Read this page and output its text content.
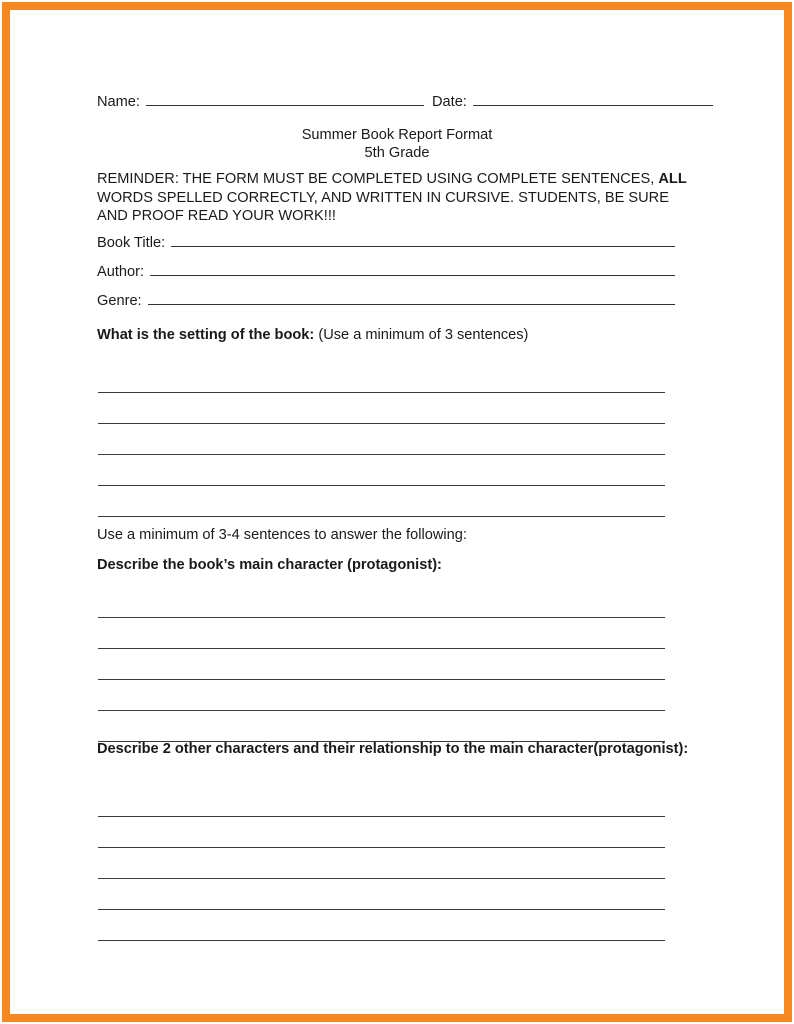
Name:	Date:
Summer Book Report Format
5th Grade
REMINDER: THE FORM MUST BE COMPLETED USING COMPLETE SENTENCES, ALL WORDS SPELLED CORRECTLY, AND WRITTEN IN CURSIVE. STUDENTS, BE SURE AND PROOF READ YOUR WORK!!!
Book Title:
Author:
Genre:
What is the setting of the book: (Use a minimum of 3 sentences)
Use a minimum of 3-4 sentences to answer the following:
Describe the book’s main character (protagonist):
Describe 2 other characters and their relationship to the main character(protagonist):
